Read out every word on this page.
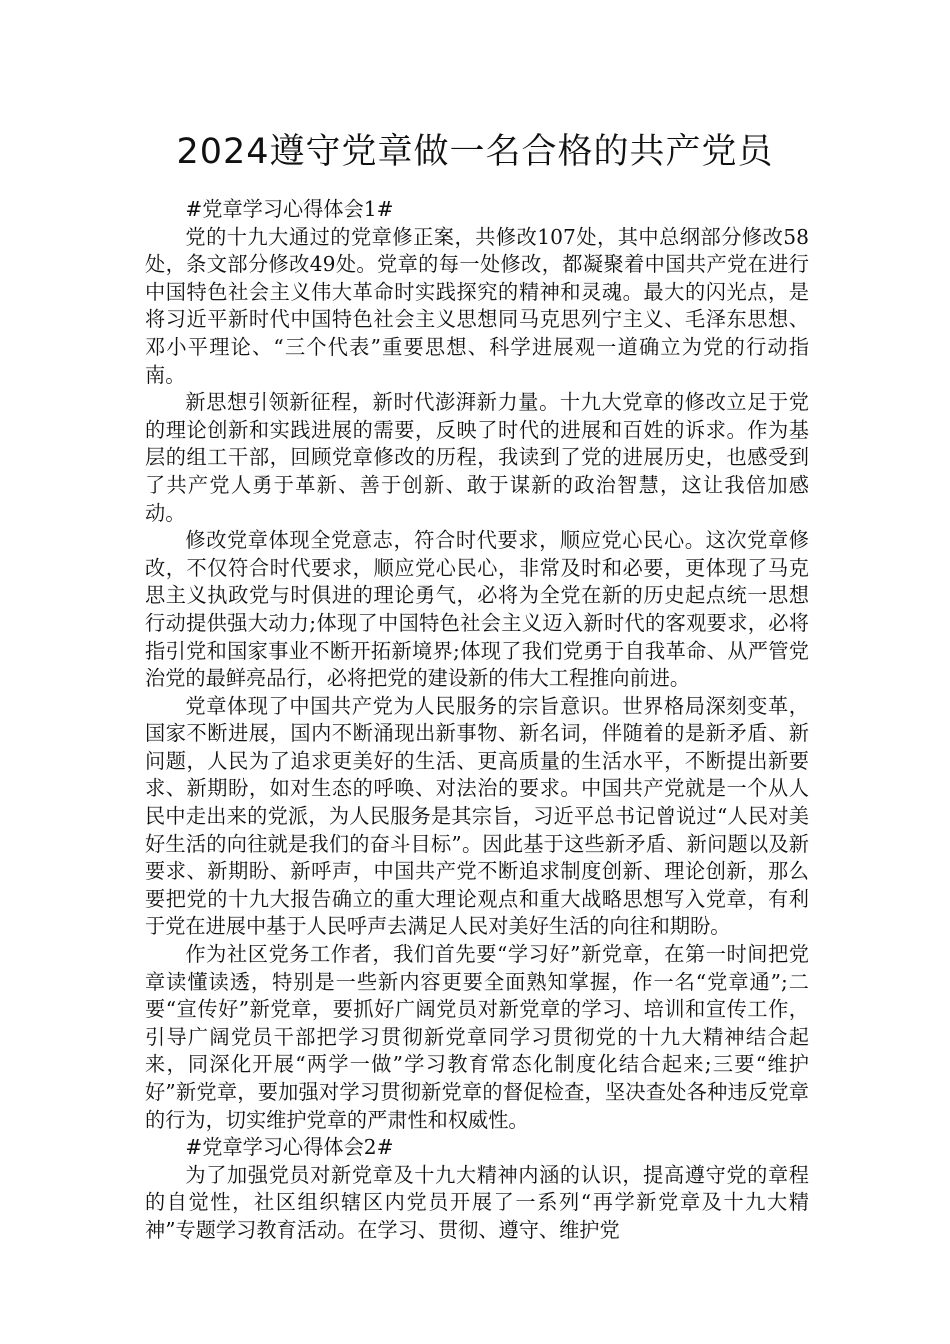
2024遵守党章做一名合格的共产党员

#党章学习心得体会1#

党的十九大通过的党章修正案，共修改107处，其中总纲部分修改58处，条文部分修改49处。党章的每一处修改，都凝聚着中国共产党在进行中国特色社会主义伟大革命时实践探究的精神和灵魂。最大的闪光点，是将习近平新时代中国特色社会主义思想同马克思列宁主义、毛泽东思想、邓小平理论、“三个代表”重要思想、科学进展观一道确立为党的行动指南。

新思想引领新征程，新时代澎湃新力量。十九大党章的修改立足于党的理论创新和实践进展的需要，反映了时代的进展和百姓的诉求。作为基层的组工干部，回顾党章修改的历程，我读到了党的进展历史，也感受到了共产党人勇于革新、善于创新、敢于谋新的政治智慧，这让我倍加感动。

修改党章体现全党意志，符合时代要求，顺应党心民心。这次党章修改，不仅符合时代要求，顺应党心民心，非常及时和必要，更体现了马克思主义执政党与时俱进的理论勇气，必将为全党在新的历史起点统一思想行动提供强大动力;体现了中国特色社会主义迈入新时代的客观要求，必将指引党和国家事业不断开拓新境界;体现了我们党勇于自我革命、从严管党治党的最鲜亮品行，必将把党的建设新的伟大工程推向前进。

党章体现了中国共产党为人民服务的宗旨意识。世界格局深刻变革，国家不断进展，国内不断涌现出新事物、新名词，伴随着的是新矛盾、新问题，人民为了追求更美好的生活、更高质量的生活水平，不断提出新要求、新期盼，如对生态的呼唤、对法治的要求。中国共产党就是一个从人民中走出来的党派，为人民服务是其宗旨，习近平总书记曾说过“人民对美好生活的向往就是我们的奋斗目标”。因此基于这些新矛盾、新问题以及新要求、新期盼、新呼声，中国共产党不断追求制度创新、理论创新，那么要把党的十九大报告确立的重大理论观点和重大战略思想写入党章，有利于党在进展中基于人民呼声去满足人民对美好生活的向往和期盼。

作为社区党务工作者，我们首先要“学习好”新党章，在第一时间把党章读懂读透，特别是一些新内容更要全面熟知掌握，作一名“党章通”;二要“宣传好”新党章，要抓好广阔党员对新党章的学习、培训和宣传工作，引导广阔党员干部把学习贯彻新党章同学习贯彻党的十九大精神结合起来，同深化开展“两学一做”学习教育常态化制度化结合起来;三要“维护好”新党章，要加强对学习贯彻新党章的督促检查，坚决查处各种违反党章的行为，切实维护党章的严肃性和权威性。

#党章学习心得体会2#

为了加强党员对新党章及十九大精神内涵的认识，提高遵守党的章程的自觉性，社区组织辖区内党员开展了一系列“再学新党章及十九大精神”专题学习教育活动。在学习、贯彻、遵守、维护党
